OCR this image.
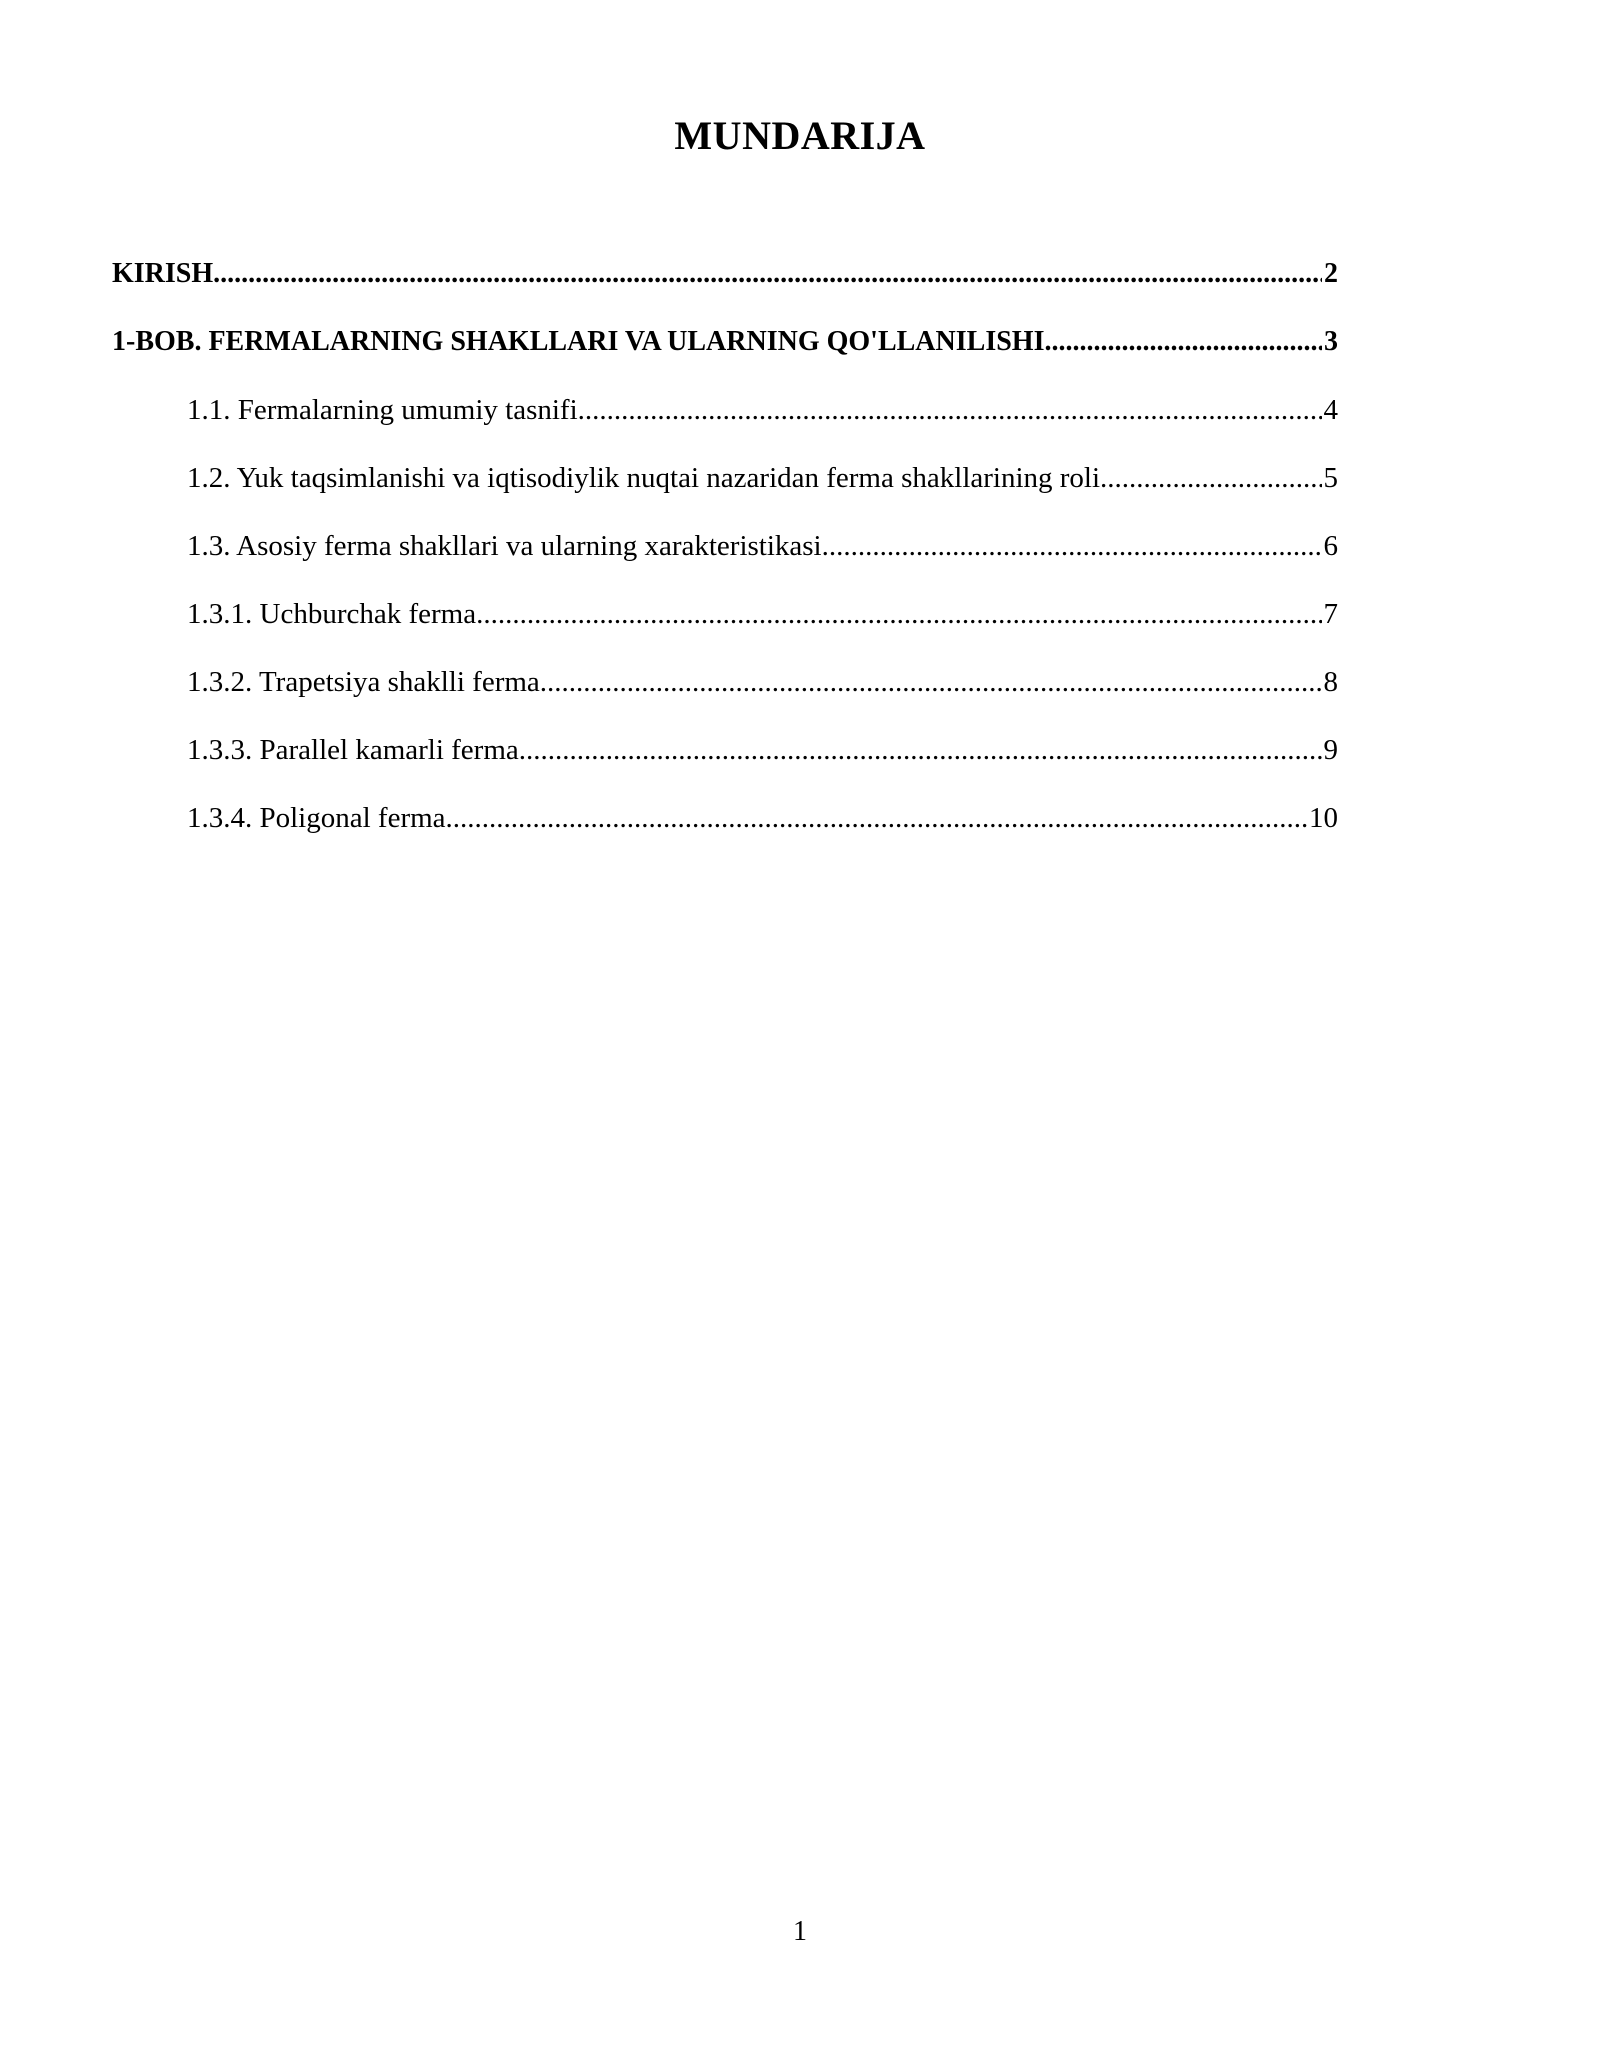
MUNDARIJA
KIRISH .....	2
1-BOB. FERMALARNING SHAKLLARI VA ULARNING QO'LLANILISHI .....	3
1.1. Fermalarning umumiy tasnifi .....	4
1.2. Yuk taqsimlanishi va iqtisodiylik nuqtai nazaridan ferma shakllarining roli .....	5
1.3. Asosiy ferma shakllari va ularning xarakteristikasi .....	6
1.3.1. Uchburchak ferma .....	7
1.3.2. Trapetsiya shaklli ferma .....	8
1.3.3. Parallel kamarli ferma .....	9
1.3.4. Poligonal ferma .....	10
1
